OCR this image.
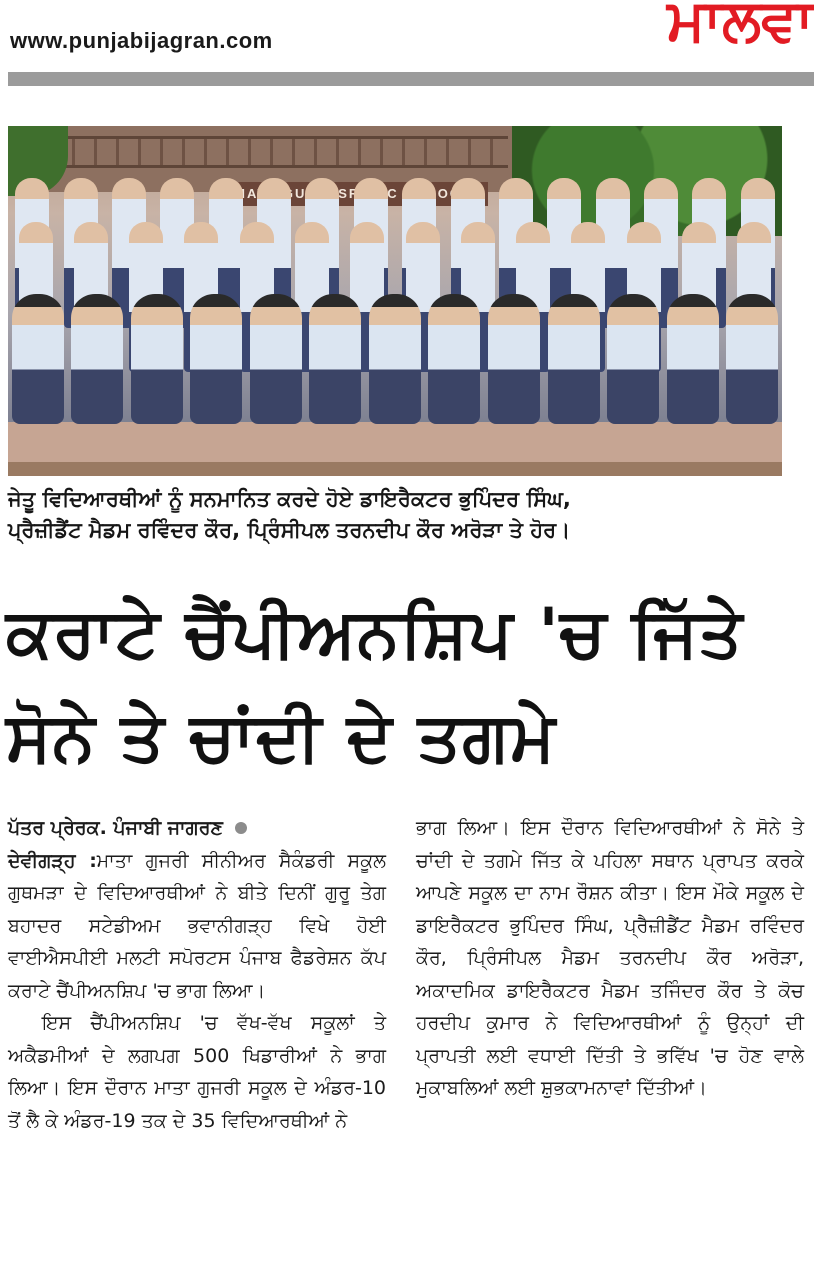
www.punjabijagran.com	ਮਾਲਵਾ
MATA SR SCHOOL

ਜੇਤੂ ਵਿਦਿਆਰਥੀਆਂ ਨੂੰ ਸਨਮਾਨਿਤ ਕਰਦੇ ਹੋਏ ਡਾਇਰੈਕਟਰ ਭੁਪਿੰਦਰ ਸਿੰਘ,

ਪ੍ਰੈਜ਼ੀਡੈਂਟ ਮੈਡਮ ਰਵਿੰਦਰ ਕੌਰ, ਪ੍ਰਿੰਸੀਪਲ ਤਰਨਦੀਪ ਕੌਰ ਅਰੋੜਾ ਤੇ ਹੋਰ।

ਕਰਾਟੇ ਚੈਂਪੀਅਨਸ਼ਿਪ 'ਚ ਜਿੱਤੇ

ਸੋਨੇ ਤੇ ਚਾਂਦੀ ਦੇ ਤਗਮੇ

ਪੱਤਰ ਪ੍ਰੇਰਕ. ਪੰਜਾਬੀ ਜਾਗਰਣ

ਦੇਵੀਗੜ੍ਹ :ਮਾਤਾ ਗੁਜਰੀ ਸੀਨੀਅਰ ਸੈਕੰਡਰੀ ਸਕੂਲ ਗੁਥਮੜਾ ਦੇ ਵਿਦਿਆਰਥੀਆਂ ਨੇ ਬੀਤੇ ਦਿਨੀਂ ਗੁਰੂ ਤੇਗ ਬਹਾਦਰ ਸਟੇਡੀਅਮ ਭਵਾਨੀਗੜ੍ਹ ਵਿਖੇ ਹੋਈ ਵਾਈਐਸਪੀਈ ਮਲਟੀ ਸਪੋਰਟਸ ਪੰਜਾਬ ਫੈਡਰੇਸ਼ਨ ਕੱਪ ਕਰਾਟੇ ਚੈਂਪੀਅਨਸ਼ਿਪ 'ਚ ਭਾਗ ਲਿਆ।

ਇਸ ਚੈਂਪੀਅਨਸ਼ਿਪ 'ਚ ਵੱਖ-ਵੱਖ ਸਕੂਲਾਂ ਤੇ ਅਕੈਡਮੀਆਂ ਦੇ ਲਗਪਗ 500 ਖਿਡਾਰੀਆਂ ਨੇ ਭਾਗ ਲਿਆ। ਇਸ ਦੌਰਾਨ ਮਾਤਾ ਗੁਜਰੀ ਸਕੂਲ ਦੇ ਅੰਡਰ-10 ਤੋਂ ਲੈ ਕੇ ਅੰਡਰ-19 ਤਕ ਦੇ 35 ਵਿਦਿਆਰਥੀਆਂ ਨੇ

ਭਾਗ ਲਿਆ। ਇਸ ਦੌਰਾਨ ਵਿਦਿਆਰਥੀਆਂ ਨੇ ਸੋਨੇ ਤੇ ਚਾਂਦੀ ਦੇ ਤਗਮੇ ਜਿੱਤ ਕੇ ਪਹਿਲਾ ਸਥਾਨ ਪ੍ਰਾਪਤ ਕਰਕੇ ਆਪਣੇ ਸਕੂਲ ਦਾ ਨਾਮ ਰੌਸ਼ਨ ਕੀਤਾ। ਇਸ ਮੌਕੇ ਸਕੂਲ ਦੇ ਡਾਇਰੈਕਟਰ ਭੁਪਿੰਦਰ ਸਿੰਘ, ਪ੍ਰੈਜ਼ੀਡੈਂਟ ਮੈਡਮ ਰਵਿੰਦਰ ਕੌਰ, ਪ੍ਰਿੰਸੀਪਲ ਮੈਡਮ ਤਰਨਦੀਪ ਕੌਰ ਅਰੋੜਾ, ਅਕਾਦਮਿਕ ਡਾਇਰੈਕਟਰ ਮੈਡਮ ਤਜਿੰਦਰ ਕੌਰ ਤੇ ਕੋਚ ਹਰਦੀਪ ਕੁਮਾਰ ਨੇ ਵਿਦਿਆਰਥੀਆਂ ਨੂੰ ਉਨ੍ਹਾਂ ਦੀ ਪ੍ਰਾਪਤੀ ਲਈ ਵਧਾਈ ਦਿੱਤੀ ਤੇ ਭਵਿੱਖ 'ਚ ਹੋਣ ਵਾਲੇ ਮੁਕਾਬਲਿਆਂ ਲਈ ਸ਼ੁਭਕਾਮਨਾਵਾਂ ਦਿੱਤੀਆਂ।
